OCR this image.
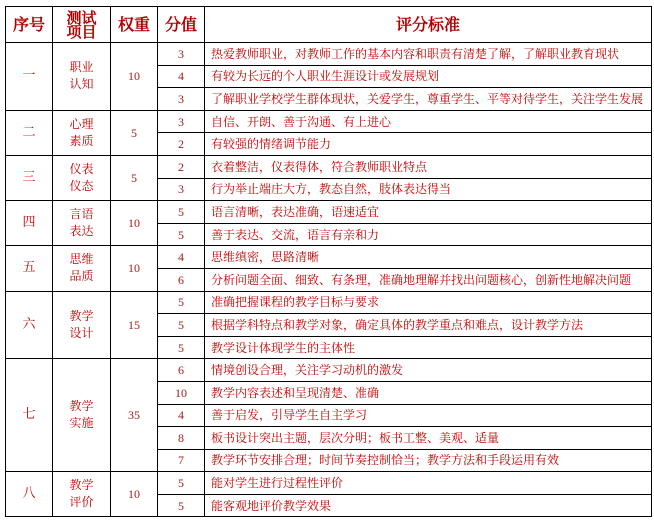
序号	测试项目	权重	分值	评分标准
一	职业认知	10	3	热爱教师职业，对教师工作的基本内容和职责有清楚了解，了解职业教育现状
			4	有较为长远的个人职业生涯设计或发展规划
			3	了解职业学校学生群体现状，关爱学生，尊重学生、平等对待学生，关注学生发展
二	心理素质	5	3	自信、开朗、善于沟通、有上进心
			2	有较强的情绪调节能力
三	仪表仪态	5	2	衣着整洁，仪表得体，符合教师职业特点
			3	行为举止端庄大方，教态自然，肢体表达得当
四	言语表达	10	5	语言清晰，表达准确，语速适宜
			5	善于表达、交流，语言有亲和力
五	思维品质	10	4	思维缜密，思路清晰
			6	分析问题全面、细致、有条理，准确地理解并找出问题核心，创新性地解决问题
六	教学设计	15	5	准确把握课程的教学目标与要求
			5	根据学科特点和教学对象，确定具体的教学重点和难点，设计教学方法
			5	教学设计体现学生的主体性
七	教学实施	35	6	情境创设合理，关注学习动机的激发
			10	教学内容表述和呈现清楚、准确
			4	善于启发，引导学生自主学习
			8	板书设计突出主题，层次分明；板书工整、美观、适量
			7	教学环节安排合理；时间节奏控制恰当；教学方法和手段运用有效
八	教学评价	10	5	能对学生进行过程性评价
			5	能客观地评价教学效果
